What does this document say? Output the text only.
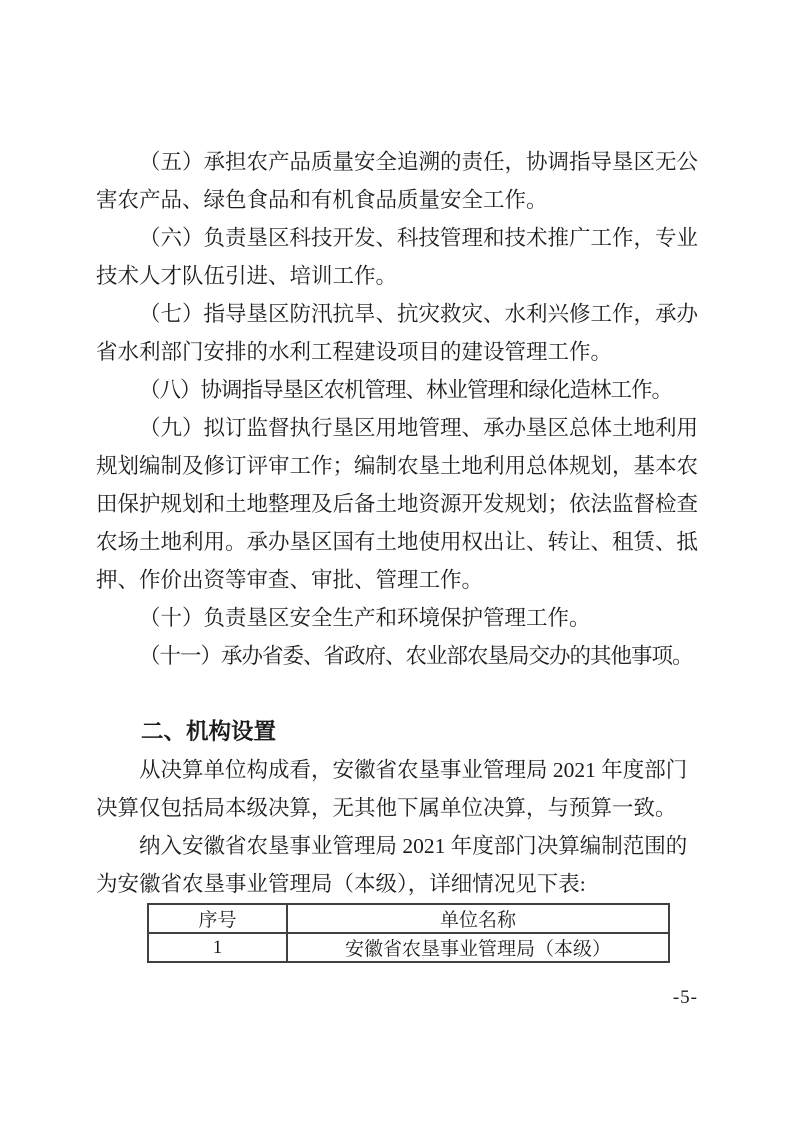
（五）承担农产品质量安全追溯的责任，协调指导垦区无公
害农产品、绿色食品和有机食品质量安全工作。

（六）负责垦区科技开发、科技管理和技术推广工作，专业
技术人才队伍引进、培训工作。

（七）指导垦区防汛抗旱、抗灾救灾、水利兴修工作，承办
省水利部门安排的水利工程建设项目的建设管理工作。

（八）协调指导垦区农机管理、林业管理和绿化造林工作。

（九）拟订监督执行垦区用地管理、承办垦区总体土地利用
规划编制及修订评审工作；编制农垦土地利用总体规划，基本农
田保护规划和土地整理及后备土地资源开发规划；依法监督检查
农场土地利用。承办垦区国有土地使用权出让、转让、租赁、抵
押、作价出资等审查、审批、管理工作。

（十）负责垦区安全生产和环境保护管理工作。

（十一）承办省委、省政府、农业部农垦局交办的其他事项。

二、机构设置

从决算单位构成看，安徽省农垦事业管理局 2021 年度部门
决算仅包括局本级决算，无其他下属单位决算，与预算一致。

纳入安徽省农垦事业管理局 2021 年度部门决算编制范围的
为安徽省农垦事业管理局（本级），详细情况见下表:

序号	单位名称
1	安徽省农垦事业管理局（本级）
-5-
